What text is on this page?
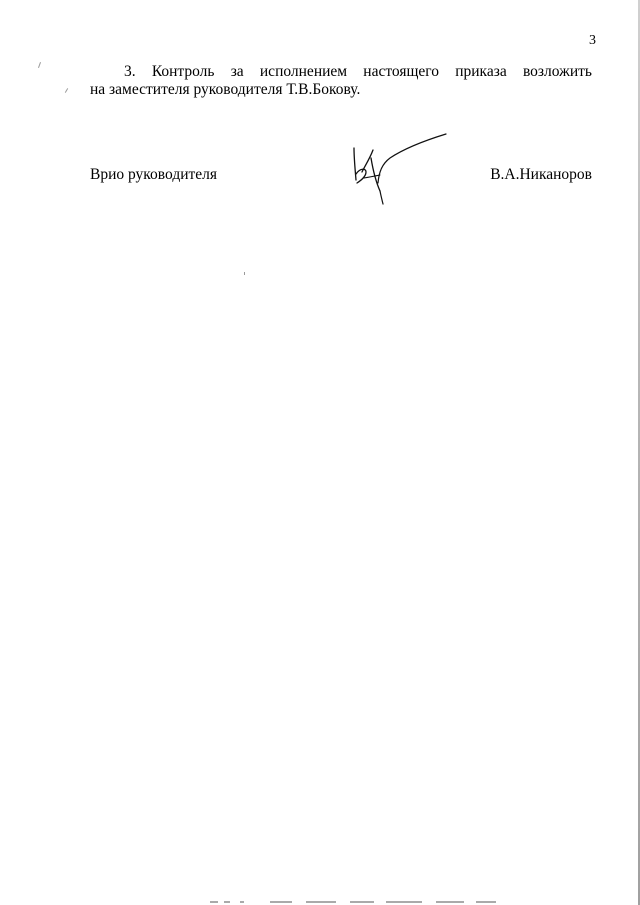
3
3. Контроль за исполнением настоящего приказа возложить
на заместителя руководителя Т.В.Бокову.
Врио руководителя	В.А.Никаноров
